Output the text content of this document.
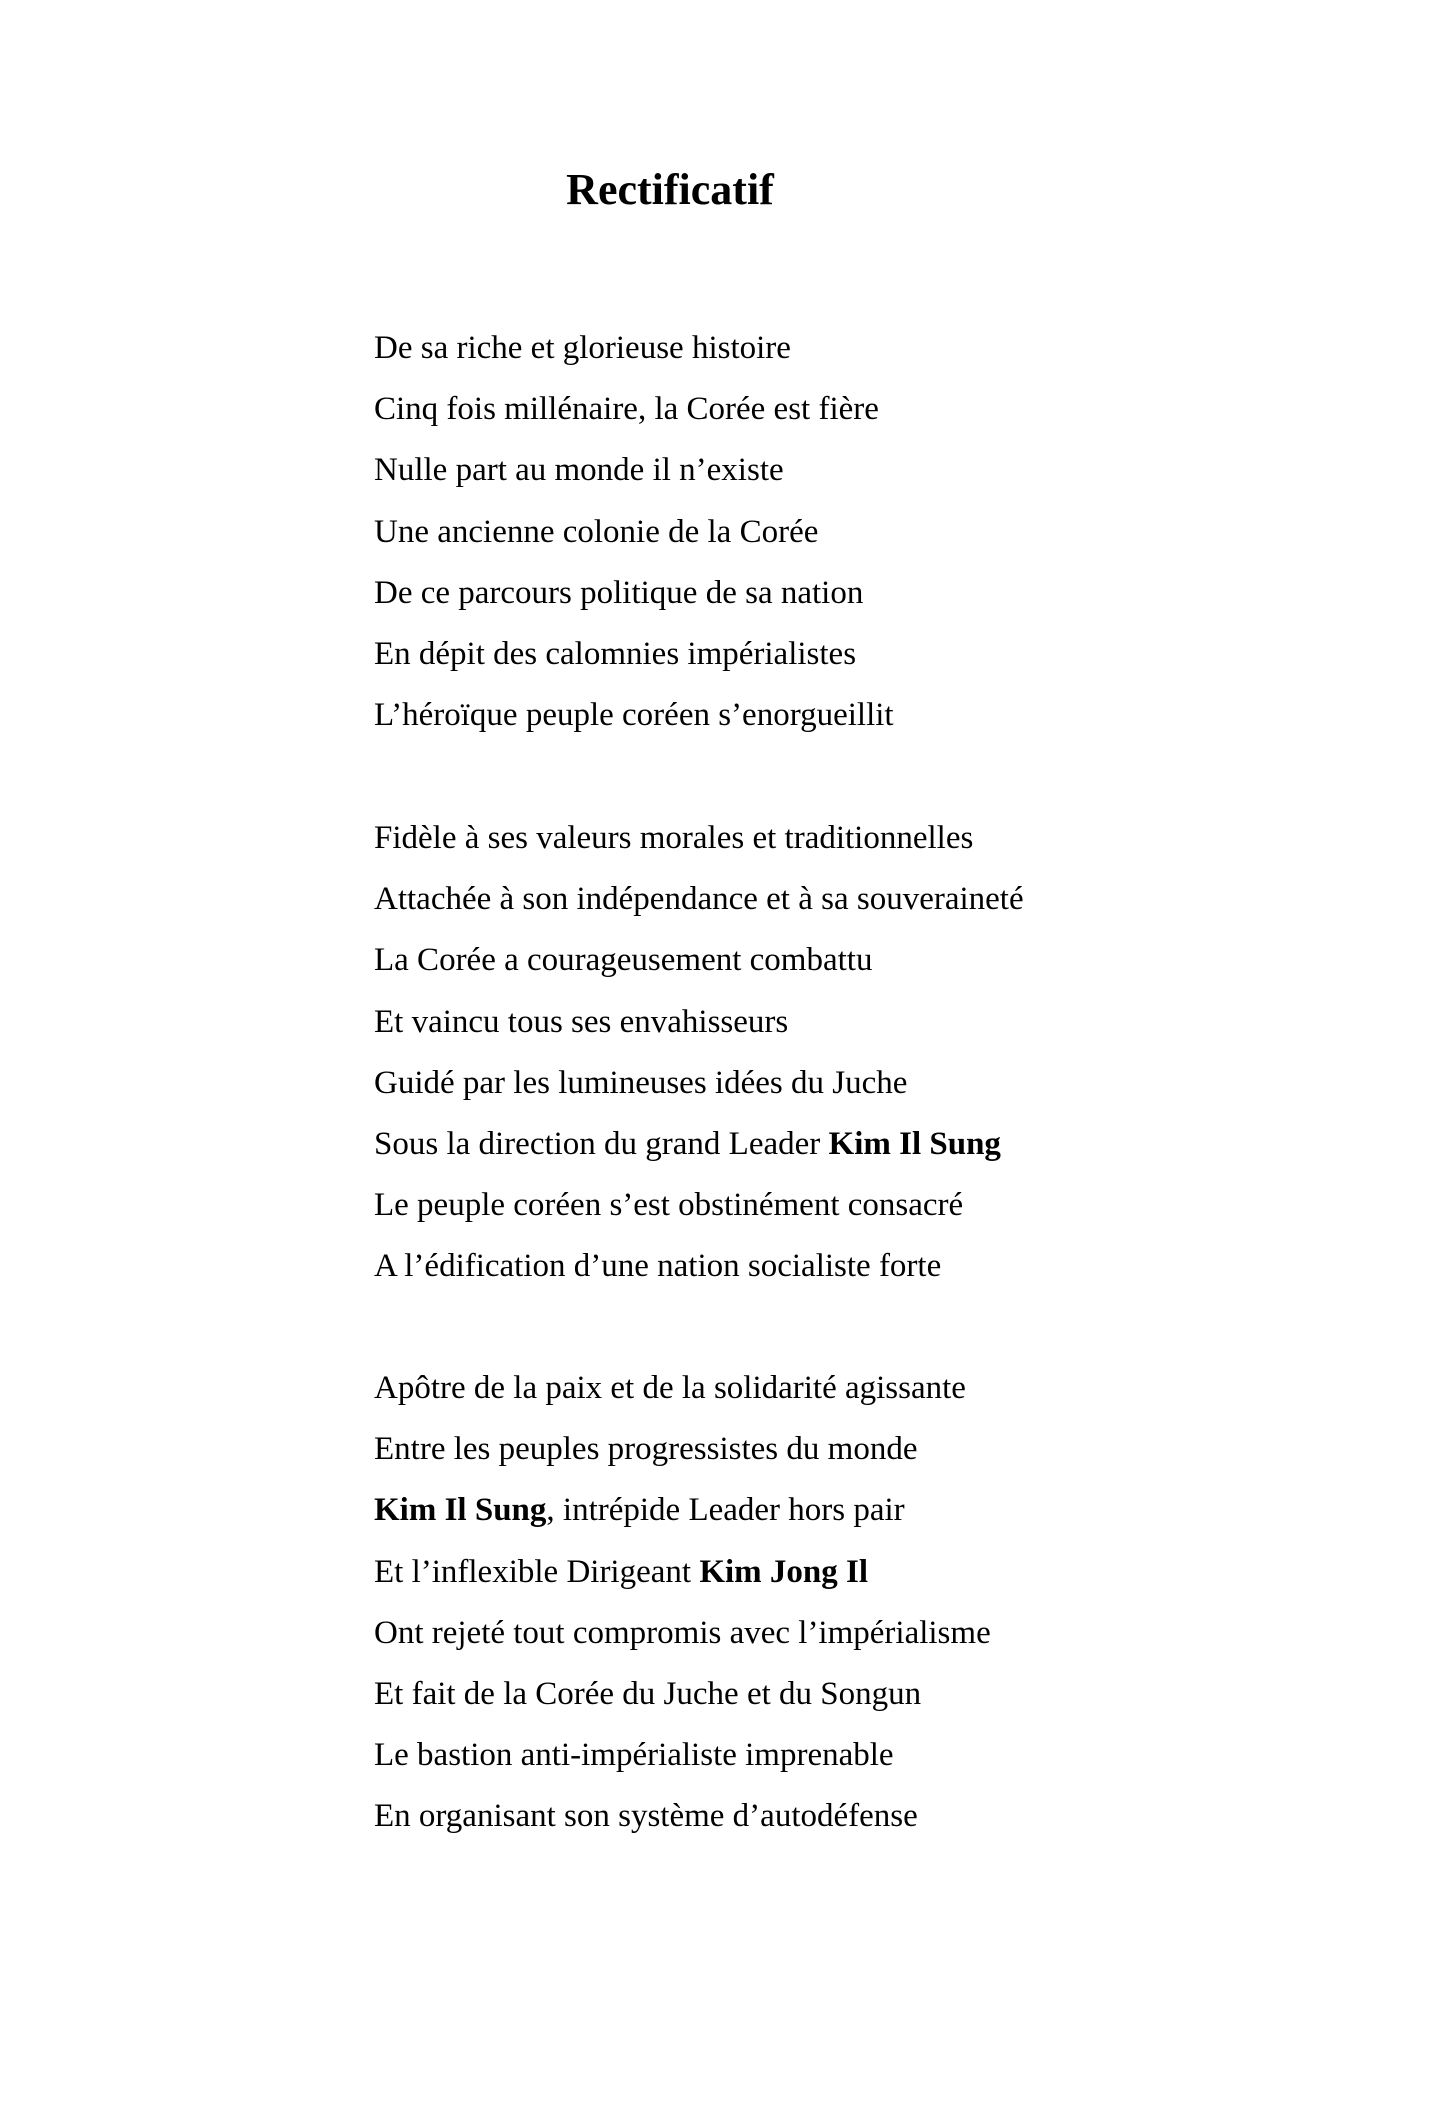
Rectificatif
De sa riche et glorieuse histoire
Cinq fois millénaire, la Corée est fière
Nulle part au monde il n’existe
Une ancienne colonie de la Corée
De ce parcours politique de sa nation
En dépit des calomnies impérialistes
L’héroïque peuple coréen s’enorgueillit
Fidèle à ses valeurs morales et traditionnelles
Attachée à son indépendance et à sa souveraineté
La Corée a courageusement combattu
Et vaincu tous ses envahisseurs
Guidé par les lumineuses idées du Juche
Sous la direction du grand Leader Kim Il Sung
Le peuple coréen s’est obstinément consacré
A l’édification d’une nation socialiste forte
Apôtre de la paix et de la solidarité agissante
Entre les peuples progressistes du monde
Kim Il Sung, intrépide Leader hors pair
Et l’inflexible Dirigeant Kim Jong Il
Ont rejeté tout compromis avec l’impérialisme
Et fait de la Corée du Juche et du Songun
Le bastion anti-impérialiste imprenable
En organisant son système d’autodéfense
